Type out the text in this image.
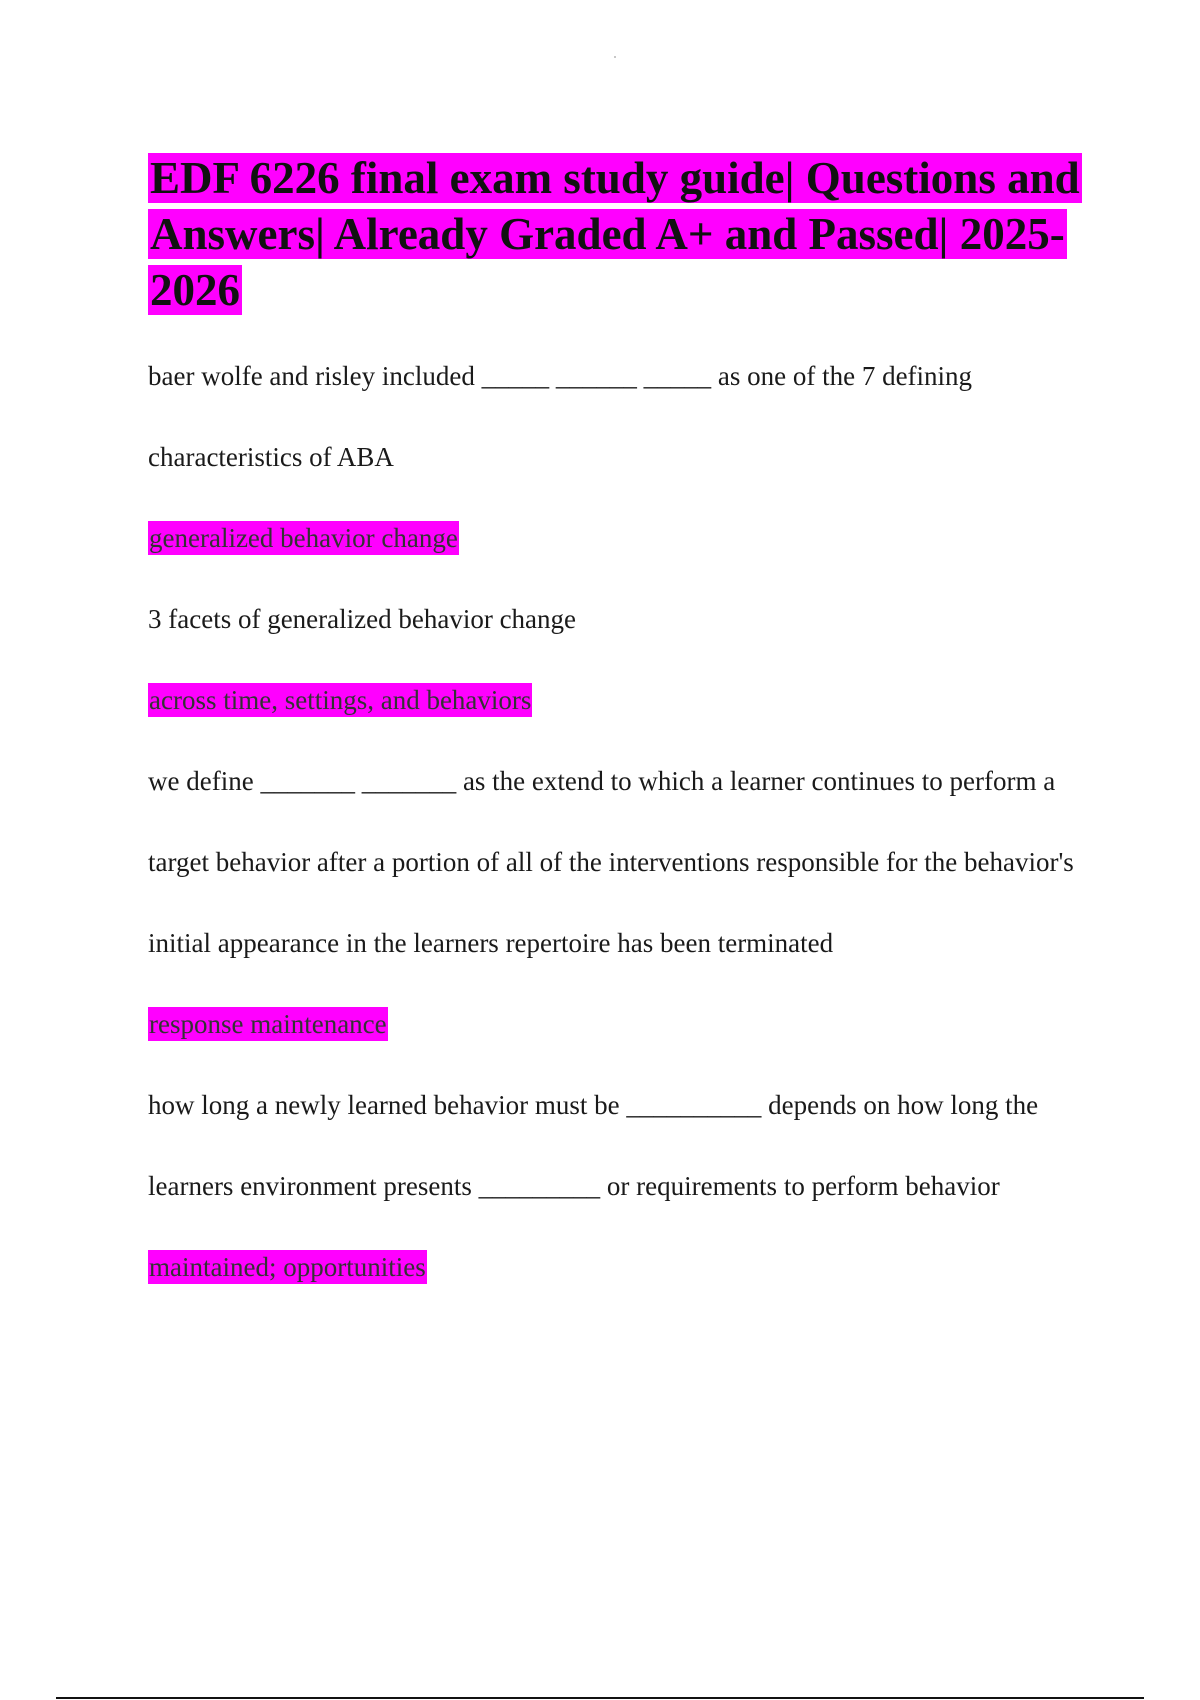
EDF 6226 final exam study guide| Questions and Answers| Already Graded A+ and Passed| 2025-2026

baer wolfe and risley included _____ ______ _____ as one of the 7 defining characteristics of ABA

generalized behavior change

3 facets of generalized behavior change

across time, settings, and behaviors

we define _______ _______ as the extend to which a learner continues to perform a target behavior after a portion of all of the interventions responsible for the behavior's initial appearance in the learners repertoire has been terminated

response maintenance

how long a newly learned behavior must be __________ depends on how long the learners environment presents _________ or requirements to perform behavior

maintained; opportunities
